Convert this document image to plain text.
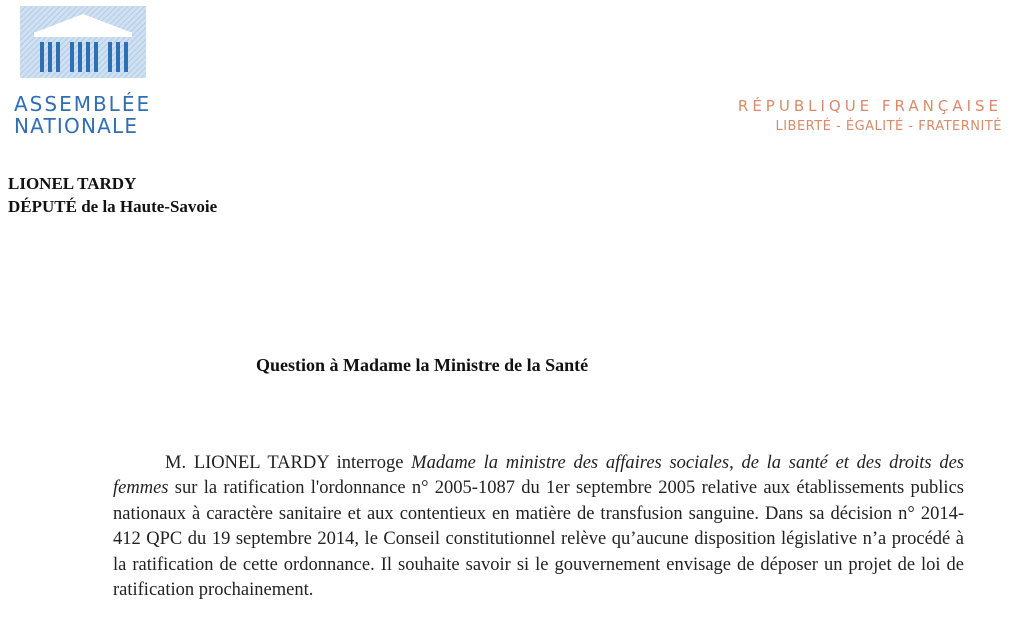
ASSEMBLÉE
NATIONALE
RÉPUBLIQUE FRANÇAISE
LIBERTÉ - ÉGALITÉ - FRATERNITÉ
LIONEL TARDY
DÉPUTÉ de la Haute-Savoie
Question à Madame la Ministre de la Santé

M. LIONEL TARDY interroge Madame la ministre des affaires sociales, de la santé et des droits des femmes sur la ratification l'ordonnance n° 2005-1087 du 1er septembre 2005 relative aux établissements publics nationaux à caractère sanitaire et aux contentieux en matière de transfusion sanguine. Dans sa décision n° 2014-412 QPC du 19 septembre 2014, le Conseil constitutionnel relève qu’aucune disposition législative n’a procédé à la ratification de cette ordonnance. Il souhaite savoir si le gouvernement envisage de déposer un projet de loi de ratification prochainement.
